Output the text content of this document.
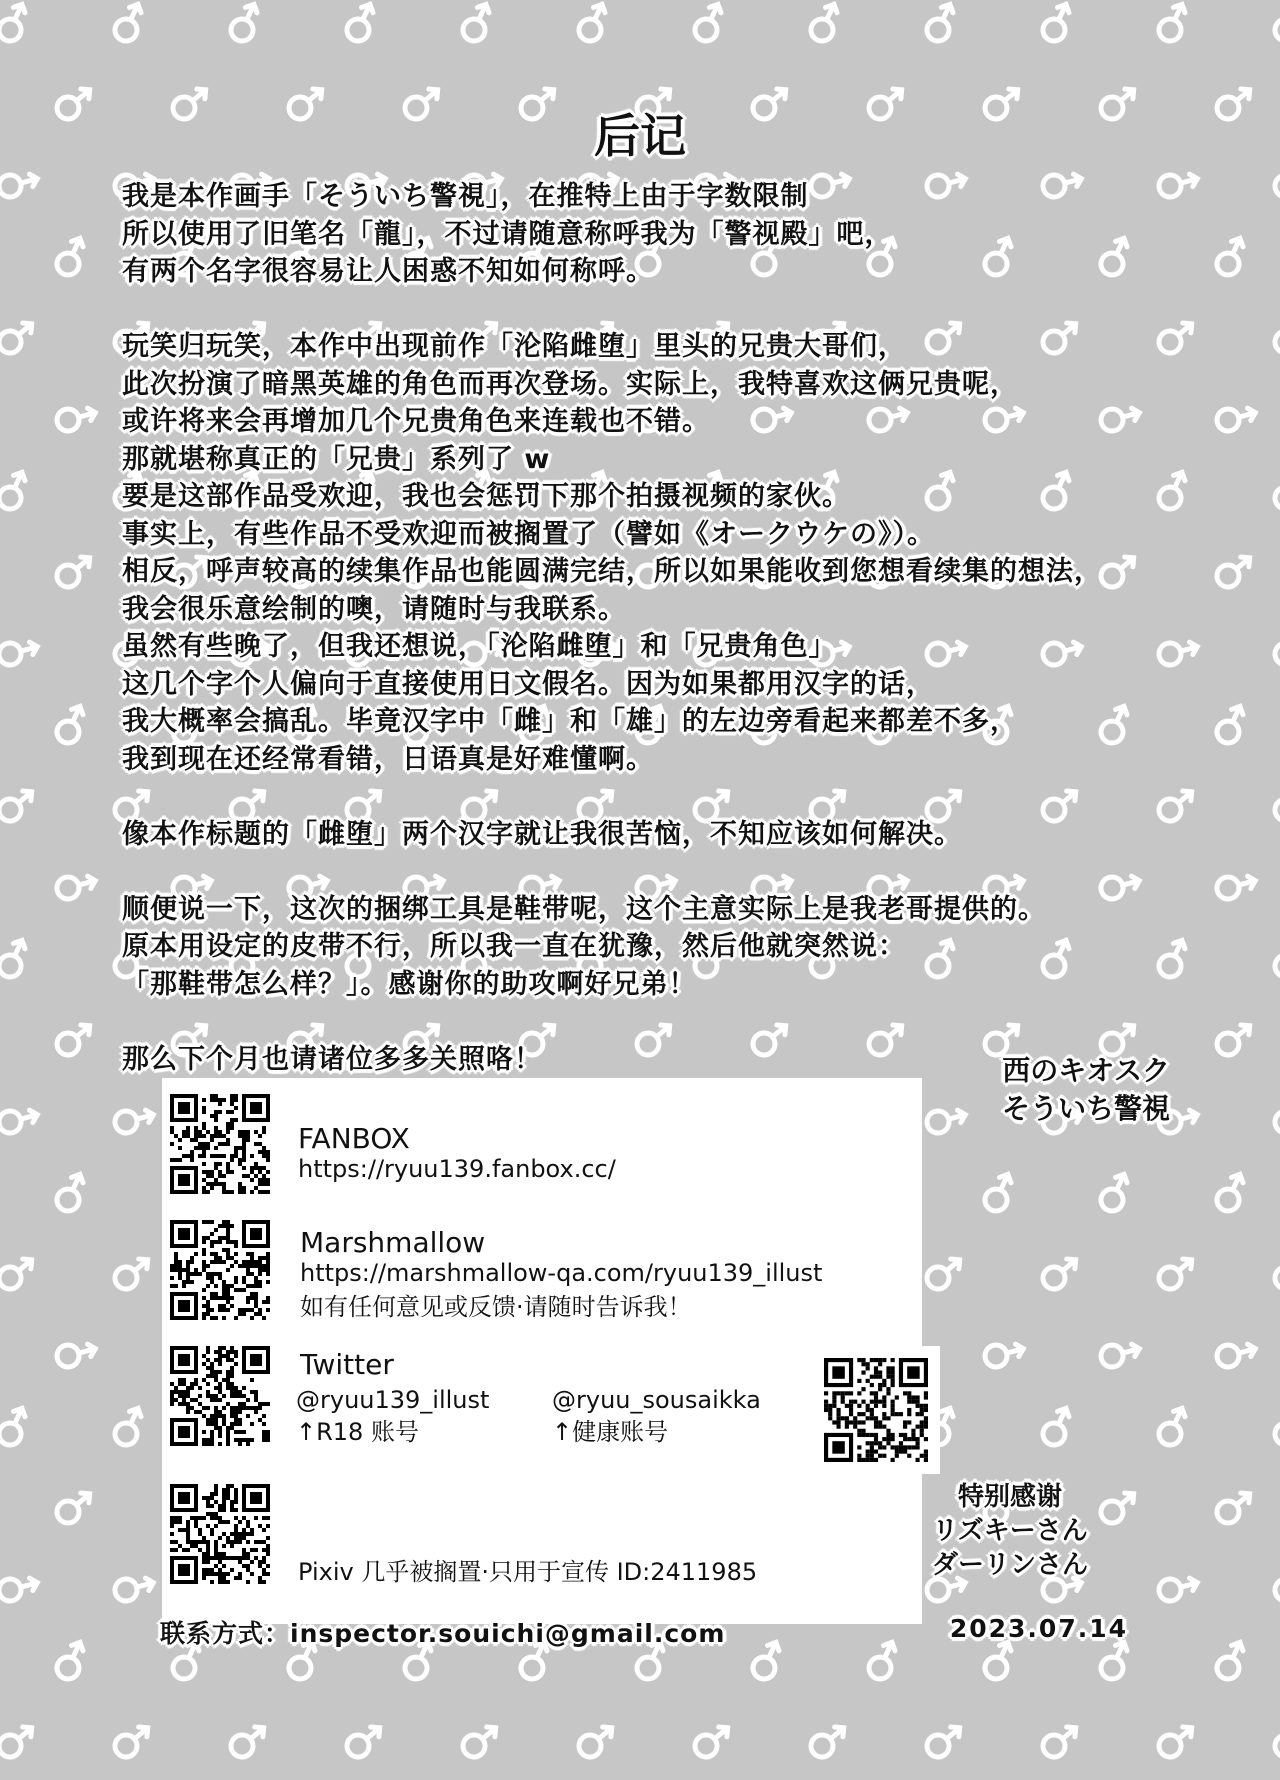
后记
我是本作画手「そういち警視」，在推特上由于字数限制
所以使用了旧笔名「龍」，不过请随意称呼我为「警视殿」吧，
有两个名字很容易让人困惑不知如何称呼。
玩笑归玩笑，本作中出现前作「沦陷雌堕」里头的兄贵大哥们，
此次扮演了暗黑英雄的角色而再次登场。实际上，我特喜欢这俩兄贵呢，
或许将来会再增加几个兄贵角色来连载也不错。
那就堪称真正的「兄贵」系列了 w
要是这部作品受欢迎，我也会惩罚下那个拍摄视频的家伙。
事实上，有些作品不受欢迎而被搁置了（譬如《オークウケの》）。
相反，呼声较高的续集作品也能圆满完结，所以如果能收到您想看续集的想法，
我会很乐意绘制的噢，请随时与我联系。
虽然有些晚了，但我还想说，「沦陷雌堕」和「兄贵角色」
这几个字个人偏向于直接使用日文假名。因为如果都用汉字的话，
我大概率会搞乱。毕竟汉字中「雌」和「雄」的左边旁看起来都差不多，
我到现在还经常看错，日语真是好难懂啊。
像本作标题的「雌堕」两个汉字就让我很苦恼，不知应该如何解决。
顺便说一下，这次的捆绑工具是鞋带呢，这个主意实际上是我老哥提供的。
原本用设定的皮带不行，所以我一直在犹豫，然后他就突然说：
「那鞋带怎么样？」。感谢你的助攻啊好兄弟！
那么下个月也请诸位多多关照咯！	西のキオスク
そういち警視
FANBOX
https://ryuu139.fanbox.cc/
Marshmallow
https://marshmallow-qa.com/ryuu139_illust
如有任何意见或反馈·请随时告诉我！
Twitter
@ryuu139_illust
↑R18 账号
@ryuu_sousaikka
↑健康账号
Pixiv 几乎被搁置·只用于宣传 ID:2411985
特别感谢
リズキーさん
ダーリンさん
联系方式：inspector.souichi@gmail.com	2023.07.14
